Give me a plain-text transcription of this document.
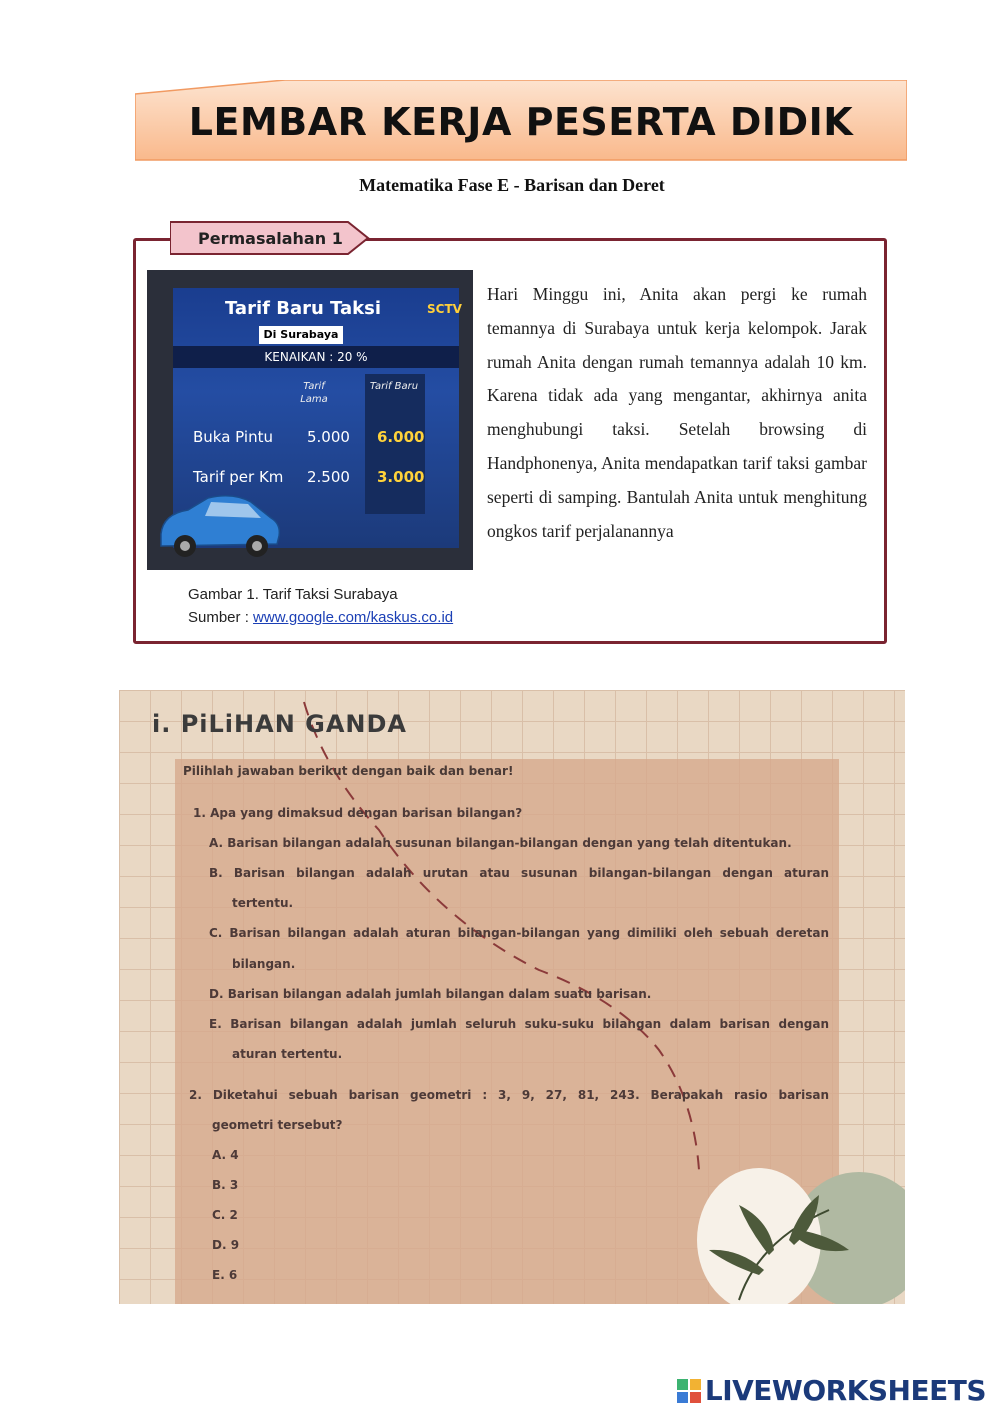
LEMBAR KERJA PESERTA DIDIK
Matematika Fase E - Barisan dan Deret
Permasalahan 1
Tarif Baru Taksi
Di Surabaya
KENAIKAN : 20 %
Tarif Lama
Tarif Baru
Buka Pintu 5.000 6.000
Tarif per Km 2.500 3.000
SCTV
Gambar 1. Tarif Taksi Surabaya
Sumber : www.google.com/kaskus.co.id
Hari Minggu ini, Anita akan pergi ke rumah temannya di Surabaya untuk kerja kelompok. Jarak rumah Anita dengan rumah temannya adalah 10 km. Karena tidak ada yang mengantar, akhirnya anita menghubungi taksi. Setelah browsing di Handphonenya, Anita mendapatkan tarif taksi gambar seperti di samping. Bantulah Anita untuk menghitung ongkos tarif perjalanannya
i. PiLiHAN GANDA
Pilihlah jawaban berikut dengan baik dan benar!
1. Apa yang dimaksud dengan barisan bilangan?
A. Barisan bilangan adalah susunan bilangan-bilangan dengan yang telah ditentukan.
B. Barisan bilangan adalah urutan atau susunan bilangan-bilangan dengan aturan
tertentu.
C. Barisan bilangan adalah aturan bilangan-bilangan yang dimiliki oleh sebuah deretan
bilangan.
D. Barisan bilangan adalah jumlah bilangan dalam suatu barisan.
E. Barisan bilangan adalah jumlah seluruh suku-suku bilangan dalam barisan dengan
aturan tertentu.
2. Diketahui sebuah barisan geometri : 3, 9, 27, 81, 243. Berapakah rasio barisan
geometri tersebut?
A. 4
B. 3
C. 2
D. 9
E. 6
LIVEWORKSHEETS
